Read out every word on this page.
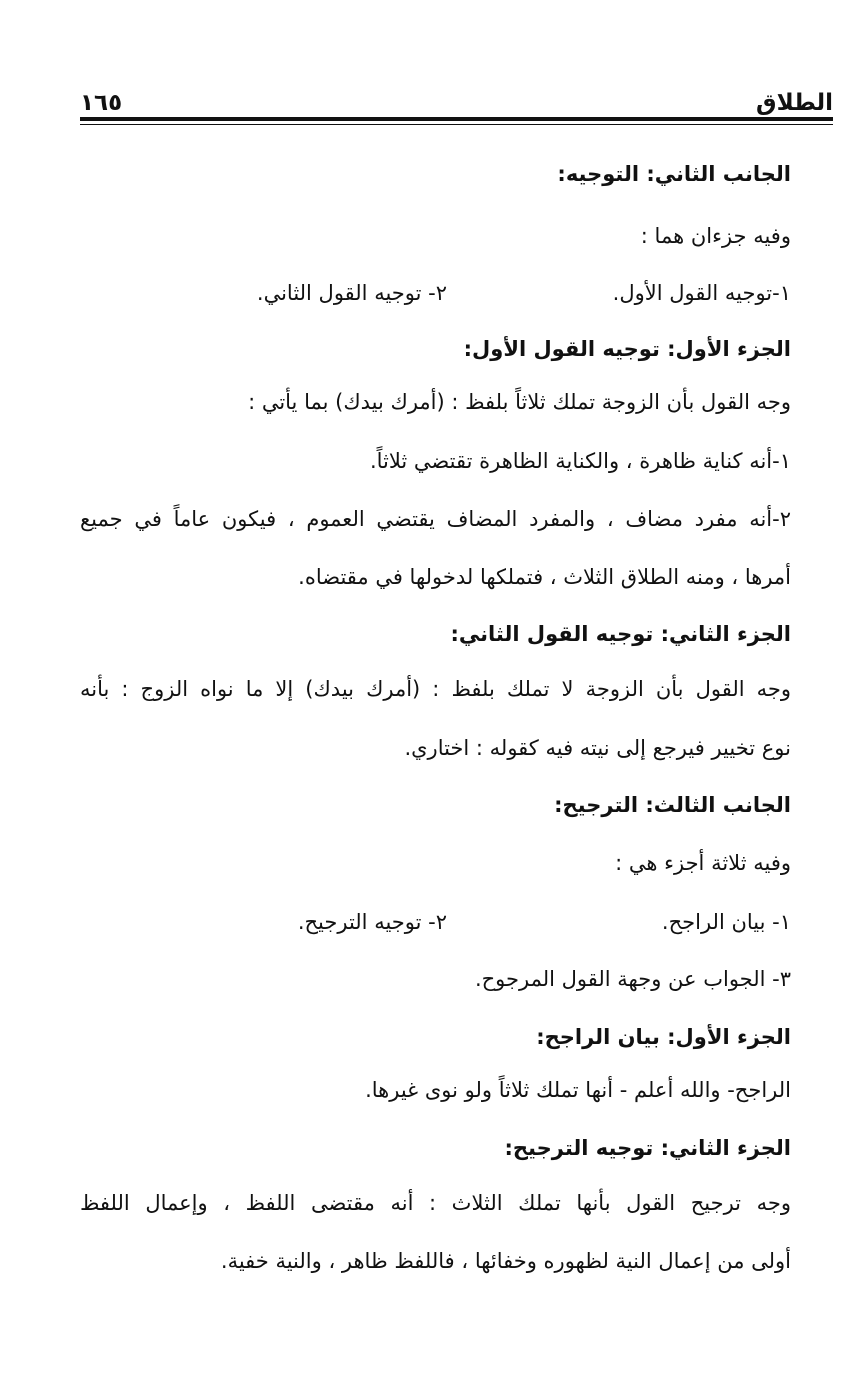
الطلاق
١٦٥
الجانب الثاني: التوجيه:
وفيه جزءان هما :
١-توجيه القول الأول.
٢- توجيه القول الثاني.
الجزء الأول: توجيه القول الأول:
وجه القول بأن الزوجة تملك ثلاثاً بلفظ : (أمرك بيدك) بما يأتي :
١-أنه كناية ظاهرة ، والكناية الظاهرة تقتضي ثلاثاً.
٢-أنه مفرد مضاف ، والمفرد المضاف يقتضي العموم ، فيكون عاماً في جميع
أمرها ، ومنه الطلاق الثلاث ، فتملكها لدخولها في مقتضاه.
الجزء الثاني: توجيه القول الثاني:
وجه القول بأن الزوجة لا تملك بلفظ : (أمرك بيدك) إلا ما نواه الزوج : بأنه
نوع تخيير فيرجع إلى نيته فيه كقوله : اختاري.
الجانب الثالث: الترجيح:
وفيه ثلاثة أجزء هي :
١- بيان الراجح.
٢- توجيه الترجيح.
٣- الجواب عن وجهة القول المرجوح.
الجزء الأول: بيان الراجح:
الراجح- والله أعلم - أنها تملك ثلاثاً ولو نوى غيرها.
الجزء الثاني: توجيه الترجيح:
وجه ترجيح القول بأنها تملك الثلاث : أنه مقتضى اللفظ ، وإعمال اللفظ
أولى من إعمال النية لظهوره وخفائها ، فاللفظ ظاهر ، والنية خفية.
